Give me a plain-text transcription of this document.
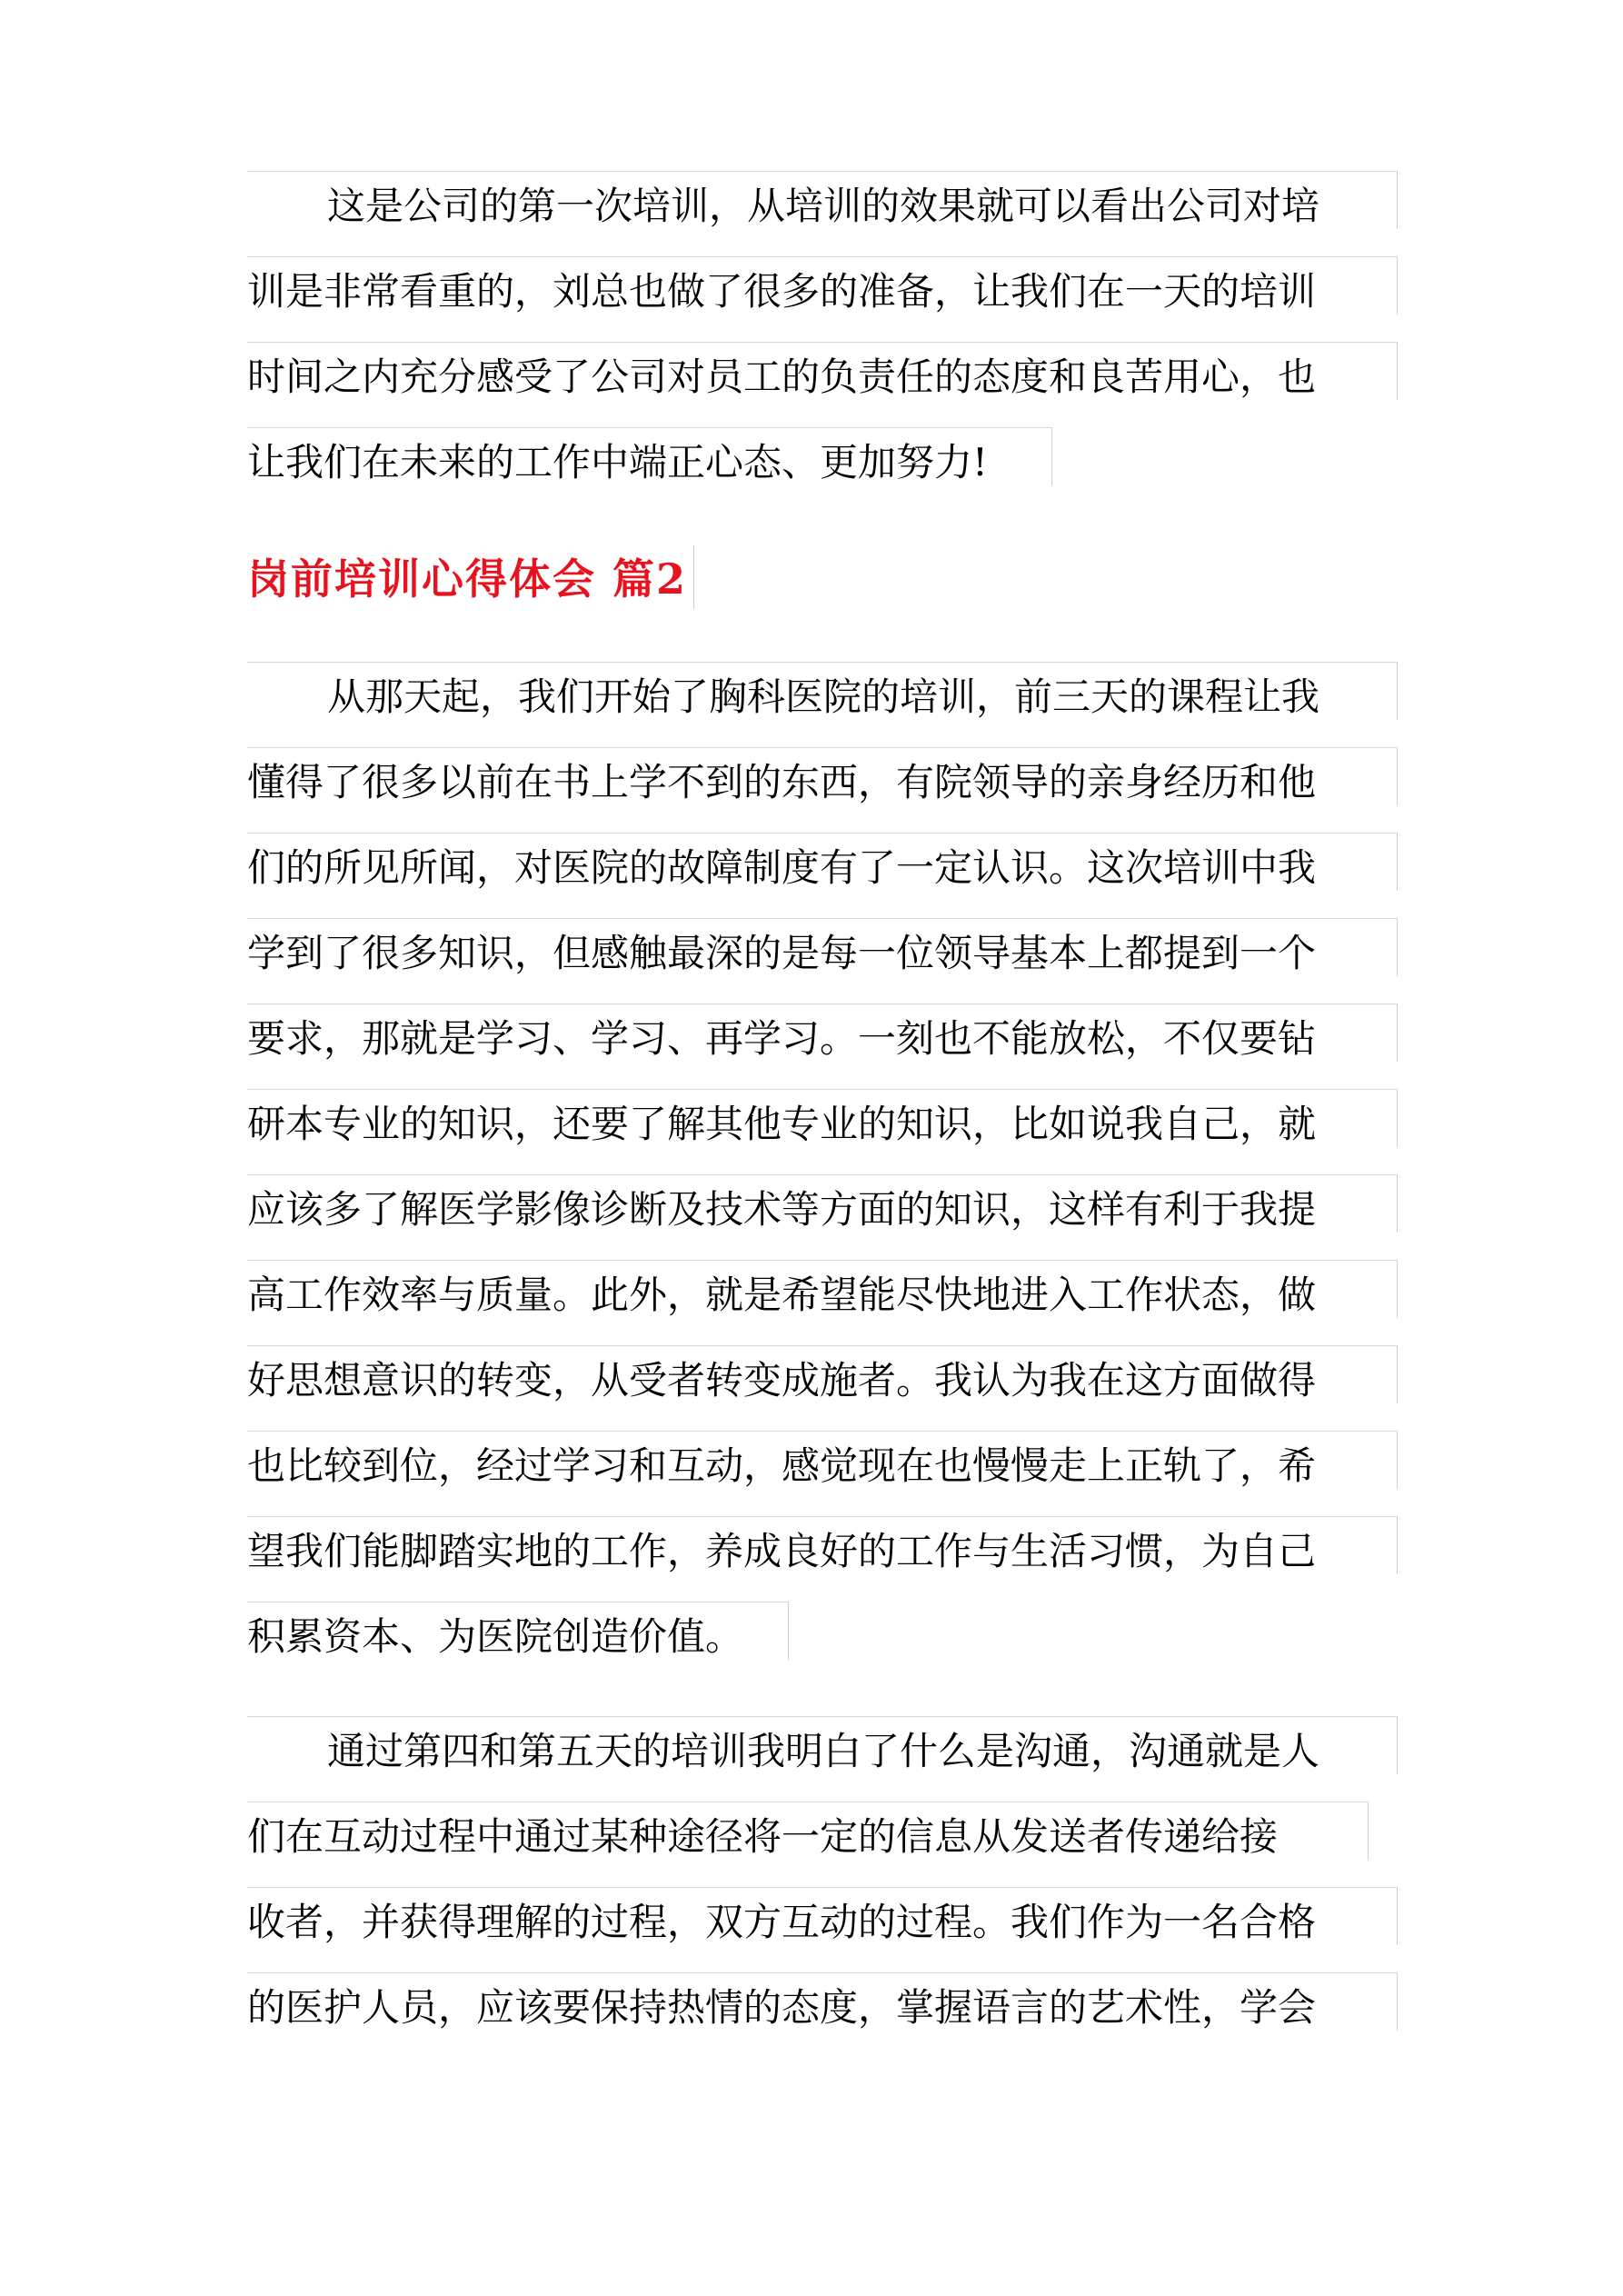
这是公司的第一次培训，从培训的效果就可以看出公司对培
训是非常看重的，刘总也做了很多的准备，让我们在一天的培训
时间之内充分感受了公司对员工的负责任的态度和良苦用心，也
让我们在未来的工作中端正心态、更加努力!
岗前培训心得体会 篇2
从那天起，我们开始了胸科医院的培训，前三天的课程让我
懂得了很多以前在书上学不到的东西，有院领导的亲身经历和他
们的所见所闻，对医院的故障制度有了一定认识。这次培训中我
学到了很多知识，但感触最深的是每一位领导基本上都提到一个
要求，那就是学习、学习、再学习。一刻也不能放松，不仅要钻
研本专业的知识，还要了解其他专业的知识，比如说我自己，就
应该多了解医学影像诊断及技术等方面的知识，这样有利于我提
高工作效率与质量。此外，就是希望能尽快地进入工作状态，做
好思想意识的转变，从受者转变成施者。我认为我在这方面做得
也比较到位，经过学习和互动，感觉现在也慢慢走上正轨了，希
望我们能脚踏实地的工作，养成良好的工作与生活习惯，为自己
积累资本、为医院创造价值。
通过第四和第五天的培训我明白了什么是沟通，沟通就是人
们在互动过程中通过某种途径将一定的信息从发送者传递给接
收者，并获得理解的过程，双方互动的过程。我们作为一名合格
的医护人员，应该要保持热情的态度，掌握语言的艺术性，学会
